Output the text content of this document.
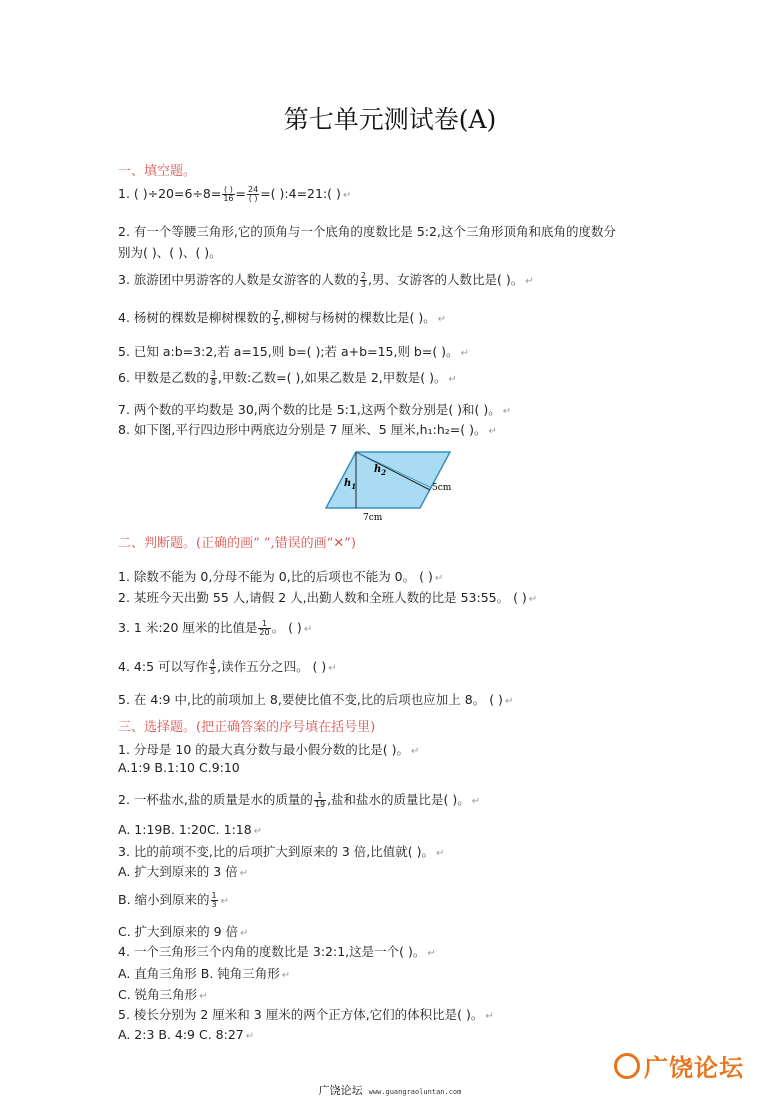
第七单元测试卷(A)
一、填空题。
1. ( )$\div 20=6\div 8= \frac{( )}{16} = \frac{24}{( )}$ =( ):4=21:( ) ↵
2. 有一个等腰三角形,它的顶角与一个底角的度数比是 5:2,这个三角形顶角和底角的度数分
别为( )、( )、( )。
3. 旅游团中男游客的人数是女游客的人数的 $\frac{2}{3}$ ,男、女游客的人数比是( )。 ↵
4. 杨树的棵数是柳树棵数的 $\frac{7}{5}$ ,柳树与杨树的棵数比是( )。 ↵
5. 已知 a:b=3:2,若 a=15,则 b=( );若 a+b=15,则 b=( )。 ↵
6. 甲数是乙数的 $\frac{3}{8}$ ,甲数:乙数=( ),如果乙数是 2,甲数是( )。 ↵
7. 两个数的平均数是 30,两个数的比是 5:1,这两个数分别是( )和( )。 ↵
8. 如下图,平行四边形中两底边分别是 7 厘米、5 厘米,h₁:h₂=( )。 ↵
$h_1$
$h_2$
5cm
7cm
二、判断题。(正确的画“ ”,错误的画“✕”)
1. 除数不能为 0,分母不能为 0,比的后项也不能为 0。 ( ) ↵
2. 某班今天出勤 55 人,请假 2 人,出勤人数和全班人数的比是 53:55。 ( ) ↵
3. 1 米:20 厘米的比值是 $\frac{1}{20}$ 。 ( ) ↵
4. 4:5 可以写作 $\frac{4}{5}$ ,读作五分之四。 ( ) ↵
5. 在 4:9 中,比的前项加上 8,要使比值不变,比的后项也应加上 8。 ( ) ↵
三、选择题。(把正确答案的序号填在括号里)
1. 分母是 10 的最大真分数与最小假分数的比是( )。 ↵
A.1:9 B.1:10 C.9:10
2. 一杯盐水,盐的质量是水的质量的 $\frac{1}{19}$ ,盐和盐水的质量比是( )。 ↵
A. 1:19B. 1:20C. 1:18 ↵
3. 比的前项不变,比的后项扩大到原来的 3 倍,比值就( )。 ↵
A. 扩大到原来的 3 倍 ↵
B. 缩小到原来的 $\frac{1}{3}$ ↵
C. 扩大到原来的 9 倍 ↵
4. 一个三角形三个内角的度数比是 3:2:1,这是一个( )。 ↵
A. 直角三角形 B. 钝角三角形 ↵
C. 锐角三角形 ↵
5. 棱长分别为 2 厘米和 3 厘米的两个正方体,它们的体积比是( )。 ↵
A. 2:3 B. 4:9 C. 8:27 ↵
广饶论坛
广饶论坛 www.guangraoluntan.com
